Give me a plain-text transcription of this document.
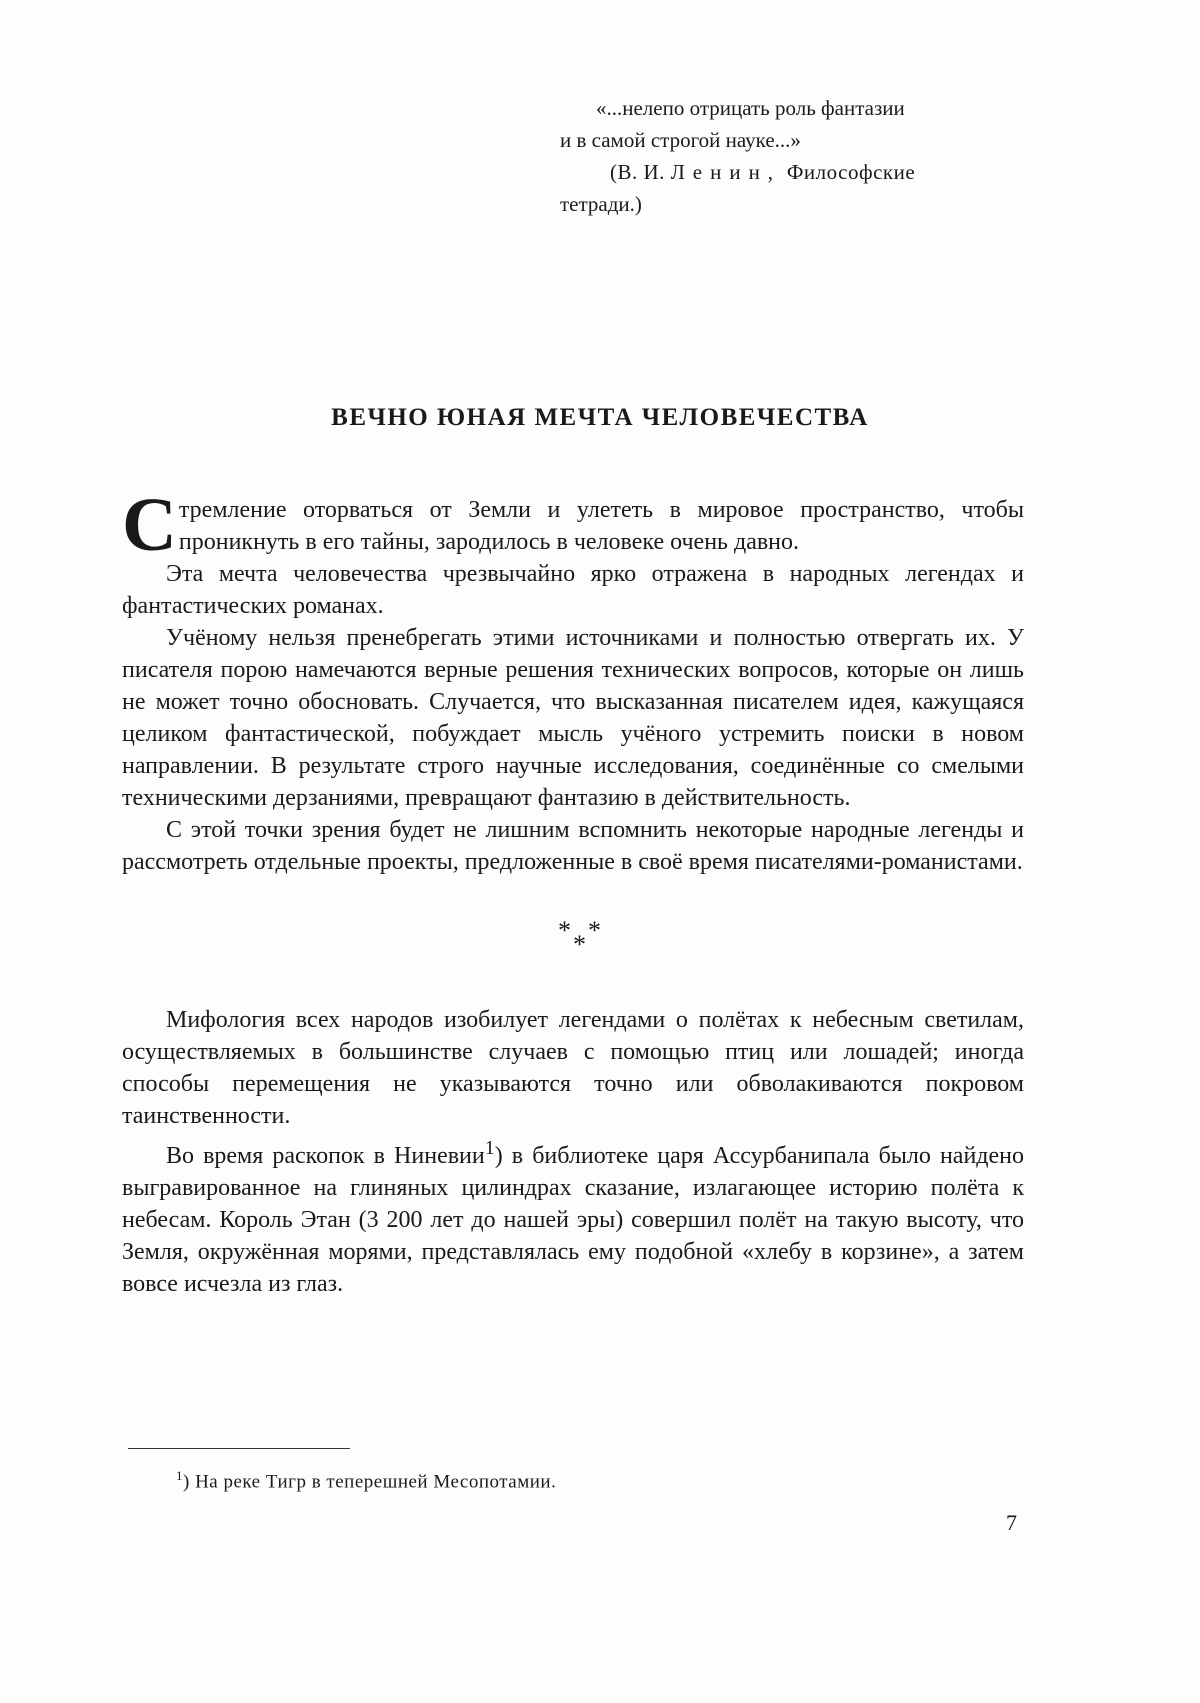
«...нелепо отрицать роль фантазии
и в самой строгой науке...»
(В. И. Ленин, Философские
тетради.)
ВЕЧНО ЮНАЯ МЕЧТА ЧЕЛОВЕЧЕСТВА

Стремление оторваться от Земли и улететь в мировое пространство, чтобы проникнуть в его тайны, зародилось в человеке очень давно.

Эта мечта человечества чрезвычайно ярко отражена в народных легендах и фантастических романах.

Учёному нельзя пренебрегать этими источниками и полностью отвергать их. У писателя порою намечаются верные решения технических вопросов, которые он лишь не может точно обосновать. Случается, что высказанная писателем идея, кажущаяся целиком фантастической, побуждает мысль учёного устремить поиски в новом направлении. В результате строго научные исследования, соединённые со смелыми техническими дерзаниями, превращают фантазию в действительность.

С этой точки зрения будет не лишним вспомнить некоторые народные легенды и рассмотреть отдельные проекты, предложенные в своё время писателями-романистами.

* *
*

Мифология всех народов изобилует легендами о полётах к небесным светилам, осуществляемых в большинстве случаев с помощью птиц или лошадей; иногда способы перемещения не указываются точно или обволакиваются покровом таинственности.

Во время раскопок в Ниневии$^1$) в библиотеке царя Ассурбанипала было найдено выгравированное на глиняных цилиндрах сказание, излагающее историю полёта к небесам. Король Этан (3 200 лет до нашей эры) совершил полёт на такую высоту, что Земля, окружённая морями, представлялась ему подобной «хлебу в корзине», а затем вовсе исчезла из глаз.

$^1$) На реке Тигр в теперешней Месопотамии.
7
